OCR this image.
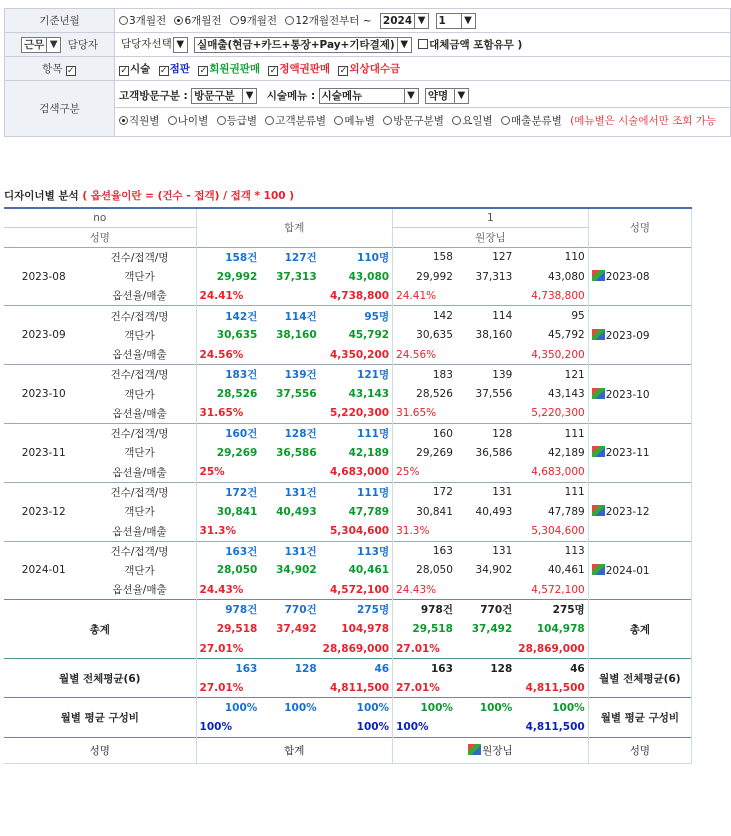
기준년월	3개월전 6개월전 9개월전 12개월전부터 ~ 2024 ▼ 1 ▼
근무 ▼ 담당자	담당자선택 ▼ 실매출(현금+카드+통장+Pay+기타결제) ▼ 대체금액 포함유무 )
항목 ✓	✓ 시술 ✓ 점판 ✓ 회원권판매 ✓ 정액권판매 ✓ 외상대수금
검색구분	고객방문구분 : 방문구분 ▼ 시술메뉴 : 시술메뉴 ▼ 약명 ▼
직원별 나이별 등급별 고객분류별 메뉴별 방문구분별 요일별 매출분류별 (메뉴별은 시술에서만 조회 가능
디자이너별 분석 ( 옵션율이란 = (건수 - 접객) / 접객 * 100 )
no		합계			1			성명
성명					원장님			
2023-08	건수/접객/명	158건	127건	110명	158	127	110	2023-08
	객단가	29,992	37,313	43,080	29,992	37,313	43,080	
	옵션율/매출	24.41%		4,738,800	24.41%		4,738,800	
2023-09	건수/접객/명	142건	114건	95명	142	114	95	2023-09
	객단가	30,635	38,160	45,792	30,635	38,160	45,792	
	옵션율/매출	24.56%		4,350,200	24.56%		4,350,200	
2023-10	건수/접객/명	183건	139건	121명	183	139	121	2023-10
	객단가	28,526	37,556	43,143	28,526	37,556	43,143	
	옵션율/매출	31.65%		5,220,300	31.65%		5,220,300	
2023-11	건수/접객/명	160건	128건	111명	160	128	111	2023-11
	객단가	29,269	36,586	42,189	29,269	36,586	42,189	
	옵션율/매출	25%		4,683,000	25%		4,683,000	
2023-12	건수/접객/명	172건	131건	111명	172	131	111	2023-12
	객단가	30,841	40,493	47,789	30,841	40,493	47,789	
	옵션율/매출	31.3%		5,304,600	31.3%		5,304,600	
2024-01	건수/접객/명	163건	131건	113명	163	131	113	2024-01
	객단가	28,050	34,902	40,461	28,050	34,902	40,461	
	옵션율/매출	24.43%		4,572,100	24.43%		4,572,100	
총계		978건	770건	275명	978건	770건	275명	총계
		29,518	37,492	104,978	29,518	37,492	104,978	
		27.01%		28,869,000	27.01%		28,869,000	
월별 전체평균(6)		163	128	46	163	128	46	월별 전체평균(6)
		27.01%		4,811,500	27.01%		4,811,500	
월별 평균 구성비		100%	100%	100%	100%	100%	100%	월별 평균 구성비
		100%		100%	100%		4,811,500	
성명		합계			원장님			성명
